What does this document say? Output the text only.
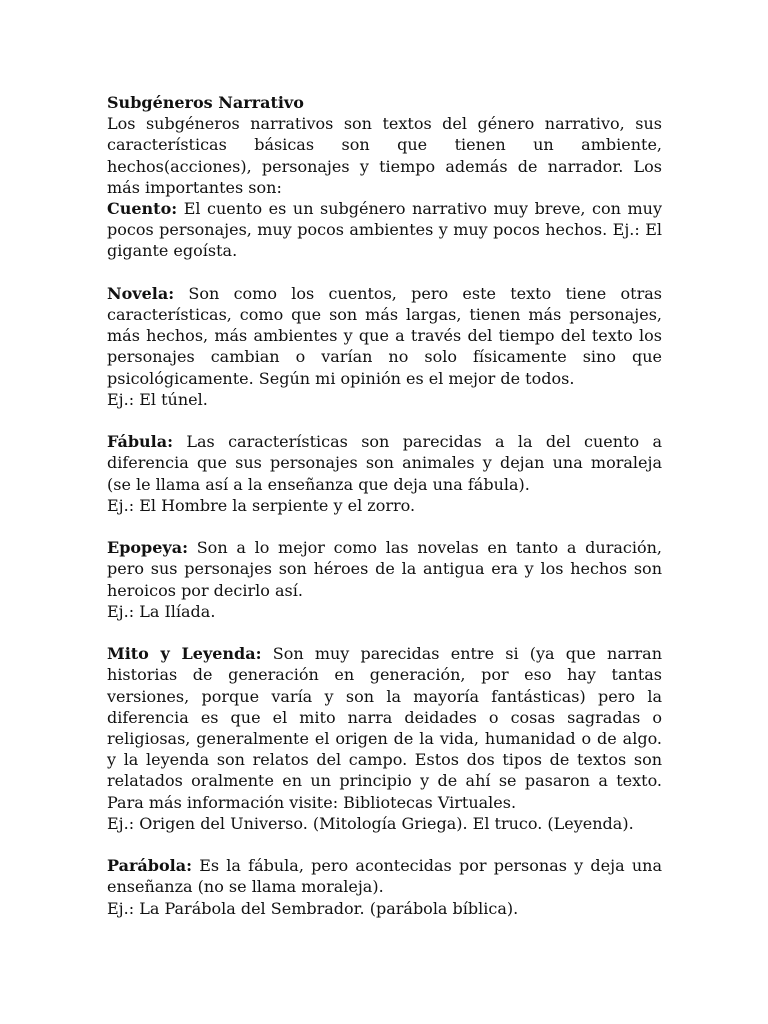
Subgéneros Narrativo

Los subgéneros narrativos son textos del género narrativo, sus características básicas son que tienen un ambiente, hechos(acciones), personajes y tiempo además de narrador. Los más importantes son:

Cuento: El cuento es un subgénero narrativo muy breve, con muy pocos personajes, muy pocos ambientes y muy pocos hechos. Ej.: El gigante egoísta.

Novela: Son como los cuentos, pero este texto tiene otras características, como que son más largas, tienen más personajes, más hechos, más ambientes y que a través del tiempo del texto los personajes cambian o varían no solo físicamente sino que psicológicamente. Según mi opinión es el mejor de todos.

Ej.: El túnel.

Fábula: Las características son parecidas a la del cuento a diferencia que sus personajes son animales y dejan una moraleja (se le llama así a la enseñanza que deja una fábula).

Ej.: El Hombre la serpiente y el zorro.

Epopeya: Son a lo mejor como las novelas en tanto a duración, pero sus personajes son héroes de la antigua era y los hechos son heroicos por decirlo así.

Ej.: La Ilíada.

Mito y Leyenda: Son muy parecidas entre si (ya que narran historias de generación en generación, por eso hay tantas versiones, porque varía y son la mayoría fantásticas) pero la diferencia es que el mito narra deidades o cosas sagradas o religiosas, generalmente el origen de la vida, humanidad o de algo. y la leyenda son relatos del campo. Estos dos tipos de textos son relatados oralmente en un principio y de ahí se pasaron a texto. Para más información visite: Bibliotecas Virtuales.

Ej.: Origen del Universo. (Mitología Griega). El truco. (Leyenda).

Parábola: Es la fábula, pero acontecidas por personas y deja una enseñanza (no se llama moraleja).

Ej.: La Parábola del Sembrador. (parábola bíblica).
